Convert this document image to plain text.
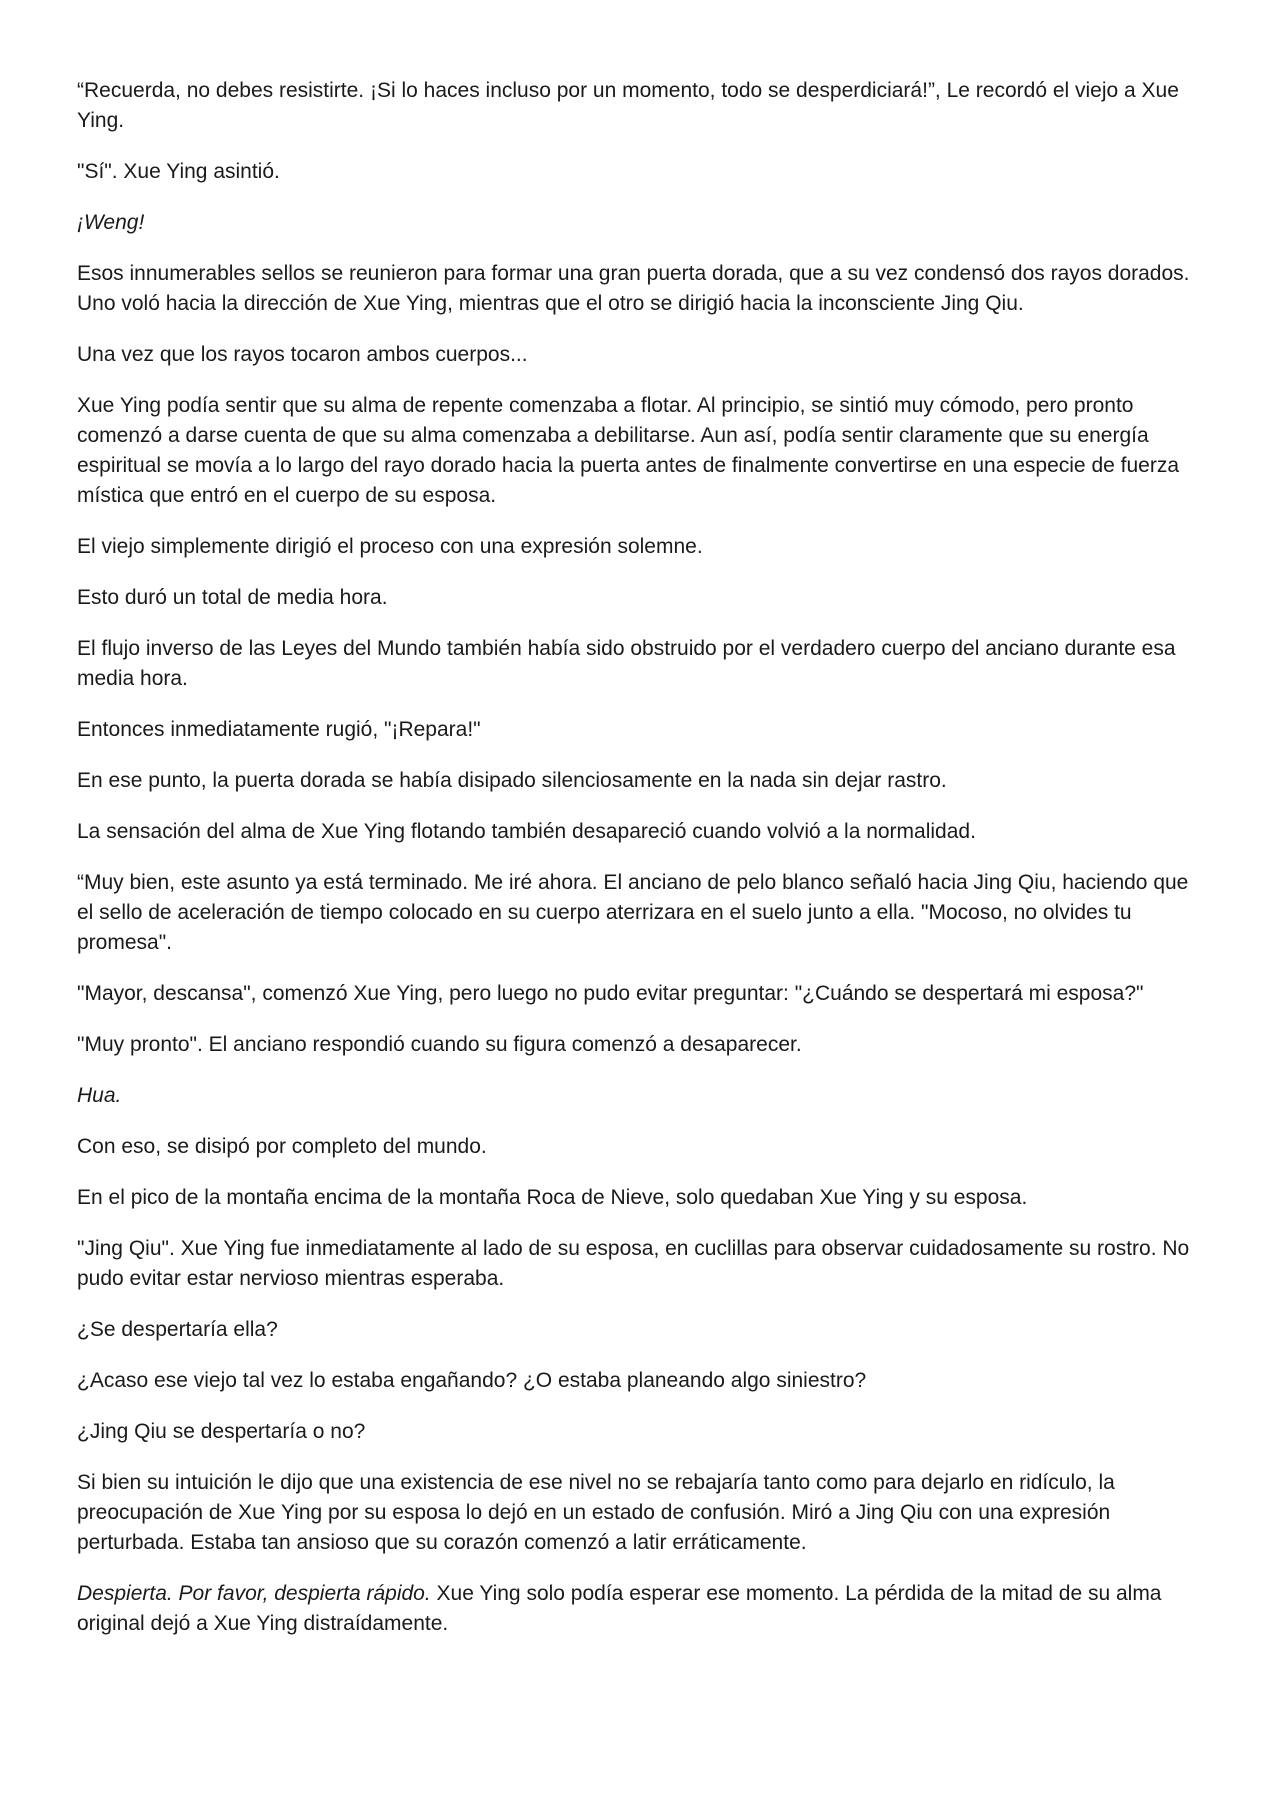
“Recuerda, no debes resistirte. ¡Si lo haces incluso por un momento, todo se desperdiciará!”, Le recordó el viejo a Xue Ying.

"Sí". Xue Ying asintió.

¡Weng!

Esos innumerables sellos se reunieron para formar una gran puerta dorada, que a su vez condensó dos rayos dorados. Uno voló hacia la dirección de Xue Ying, mientras que el otro se dirigió hacia la inconsciente Jing Qiu.

Una vez que los rayos tocaron ambos cuerpos...

Xue Ying podía sentir que su alma de repente comenzaba a flotar. Al principio, se sintió muy cómodo, pero pronto comenzó a darse cuenta de que su alma comenzaba a debilitarse. Aun así, podía sentir claramente que su energía espiritual se movía a lo largo del rayo dorado hacia la puerta antes de finalmente convertirse en una especie de fuerza mística que entró en el cuerpo de su esposa.

El viejo simplemente dirigió el proceso con una expresión solemne.

Esto duró un total de media hora.

El flujo inverso de las Leyes del Mundo también había sido obstruido por el verdadero cuerpo del anciano durante esa media hora.

Entonces inmediatamente rugió, "¡Repara!"

En ese punto, la puerta dorada se había disipado silenciosamente en la nada sin dejar rastro.

La sensación del alma de Xue Ying flotando también desapareció cuando volvió a la normalidad.

“Muy bien, este asunto ya está terminado. Me iré ahora. El anciano de pelo blanco señaló hacia Jing Qiu, haciendo que el sello de aceleración de tiempo colocado en su cuerpo aterrizara en el suelo junto a ella. "Mocoso, no olvides tu promesa".

"Mayor, descansa", comenzó Xue Ying, pero luego no pudo evitar preguntar: "¿Cuándo se despertará mi esposa?"

"Muy pronto". El anciano respondió cuando su figura comenzó a desaparecer.

Hua.

Con eso, se disipó por completo del mundo.

En el pico de la montaña encima de la montaña Roca de Nieve, solo quedaban Xue Ying y su esposa.

"Jing Qiu". Xue Ying fue inmediatamente al lado de su esposa, en cuclillas para observar cuidadosamente su rostro. No pudo evitar estar nervioso mientras esperaba.

¿Se despertaría ella?

¿Acaso ese viejo tal vez lo estaba engañando? ¿O estaba planeando algo siniestro?

¿Jing Qiu se despertaría o no?

Si bien su intuición le dijo que una existencia de ese nivel no se rebajaría tanto como para dejarlo en ridículo, la preocupación de Xue Ying por su esposa lo dejó en un estado de confusión. Miró a Jing Qiu con una expresión perturbada. Estaba tan ansioso que su corazón comenzó a latir erráticamente.

Despierta. Por favor, despierta rápido. Xue Ying solo podía esperar ese momento. La pérdida de la mitad de su alma original dejó a Xue Ying distraídamente.
